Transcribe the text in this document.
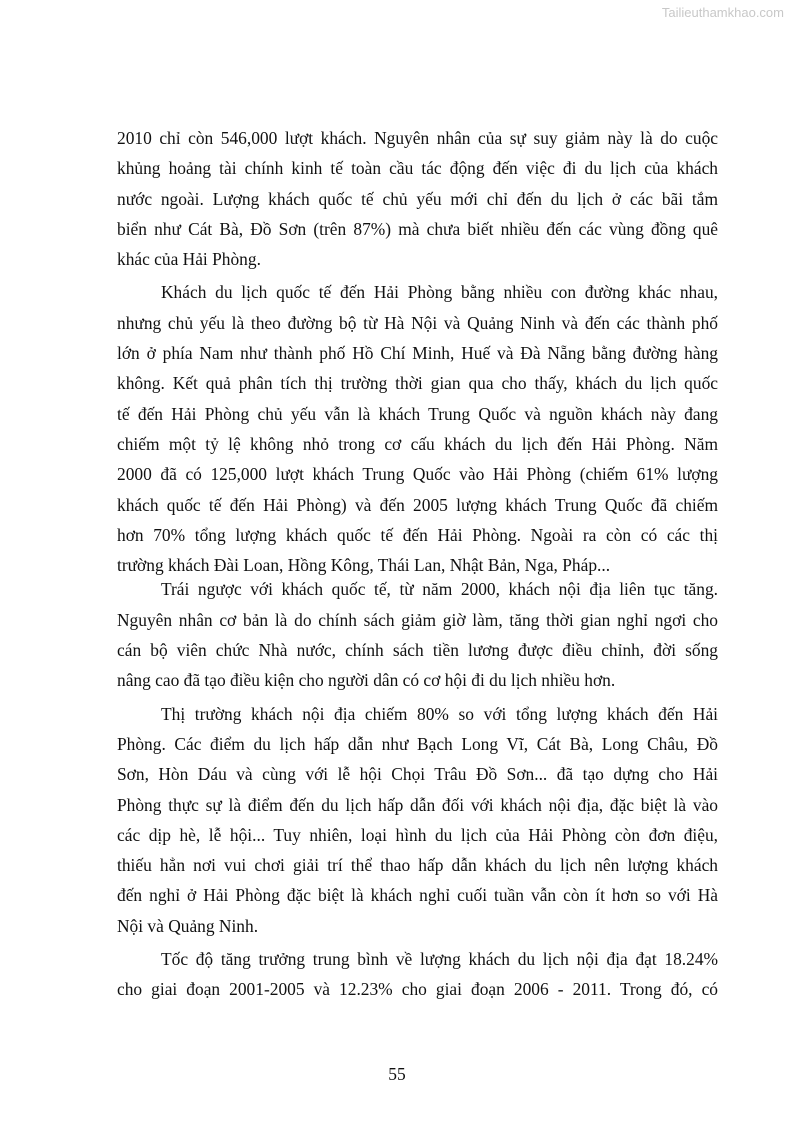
Tailieuthamkhao.com
2010 chỉ còn 546,000 lượt khách. Nguyên nhân của sự suy giảm này là do cuộc
khủng hoảng tài chính kinh tế toàn cầu tác động đến việc đi du lịch của khách
nước ngoài. Lượng khách quốc tế chủ yếu mới chỉ đến du lịch ở các bãi tắm
biển như Cát Bà, Đồ Sơn (trên 87%) mà chưa biết nhiều đến các vùng đồng quê
khác của Hải Phòng.
Khách du lịch quốc tế đến Hải Phòng bằng nhiều con đường khác nhau,
nhưng chủ yếu là theo đường bộ từ Hà Nội và Quảng Ninh và đến các thành phố
lớn ở phía Nam như thành phố Hồ Chí Minh, Huế và Đà Nẵng bằng đường hàng
không. Kết quả phân tích thị trường thời gian qua cho thấy, khách du lịch quốc
tế đến Hải Phòng chủ yếu vẫn là khách Trung Quốc và nguồn khách này đang
chiếm một tỷ lệ không nhỏ trong cơ cấu khách du lịch đến Hải Phòng. Năm
2000 đã có 125,000 lượt khách Trung Quốc vào Hải Phòng (chiếm 61% lượng
khách quốc tế đến Hải Phòng) và đến 2005 lượng khách Trung Quốc đã chiếm
hơn 70% tổng lượng khách quốc tế đến Hải Phòng. Ngoài ra còn có các thị
trường khách Đài Loan, Hồng Kông, Thái Lan, Nhật Bản, Nga, Pháp...
Trái ngược với khách quốc tế, từ năm 2000, khách nội địa liên tục tăng.
Nguyên nhân cơ bản là do chính sách giảm giờ làm, tăng thời gian nghỉ ngơi cho
cán bộ viên chức Nhà nước, chính sách tiền lương được điều chỉnh, đời sống
nâng cao đã tạo điều kiện cho người dân có cơ hội đi du lịch nhiều hơn.
Thị trường khách nội địa chiếm 80% so với tổng lượng khách đến Hải
Phòng. Các điểm du lịch hấp dẫn như Bạch Long Vĩ, Cát Bà, Long Châu, Đồ
Sơn, Hòn Dáu và cùng với lễ hội Chọi Trâu Đồ Sơn... đã tạo dựng cho Hải
Phòng thực sự là điểm đến du lịch hấp dẫn đối với khách nội địa, đặc biệt là vào
các dịp hè, lễ hội... Tuy nhiên, loại hình du lịch của Hải Phòng còn đơn điệu,
thiếu hẳn nơi vui chơi giải trí thể thao hấp dẫn khách du lịch nên lượng khách
đến nghỉ ở Hải Phòng đặc biệt là khách nghỉ cuối tuần vẫn còn ít hơn so với Hà
Nội và Quảng Ninh.
Tốc độ tăng trưởng trung bình về lượng khách du lịch nội địa đạt 18.24%
cho giai đoạn 2001-2005 và 12.23% cho giai đoạn 2006 - 2011. Trong đó, có
55
